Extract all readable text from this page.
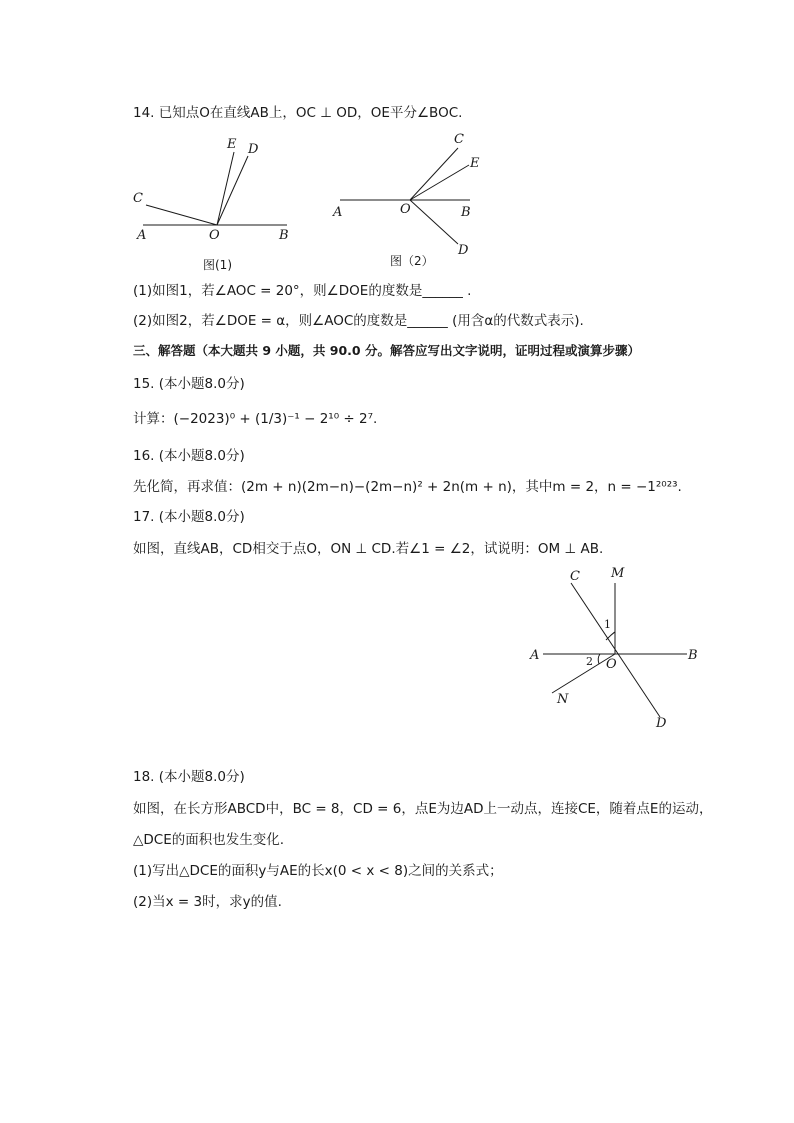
14. 已知点O在直线AB上，OC ⊥ OD，OE平分∠BOC.
E D
C
A	O	B
图(1)
C
E
A	O	B
D
图（2）
(1)如图1，若∠AOC = 20°，则∠DOE的度数是______ .
(2)如图2，若∠DOE = α，则∠AOC的度数是______ (用含α的代数式表示).
三、解答题（本大题共 9 小题，共 90.0 分。解答应写出文字说明，证明过程或演算步骤）
15. (本小题8.0分)
计算：(−2023)⁰ + (1/3)⁻¹ − 2¹⁰ ÷ 2⁷.
16. (本小题8.0分)
先化简，再求值：(2m + n)(2m−n)−(2m−n)² + 2n(m + n)，其中m = 2，n = −1²⁰²³.
17. (本小题8.0分)
如图，直线AB，CD相交于点O，ON ⊥ CD.若∠1 = ∠2，试说明：OM ⊥ AB.
C M
1
A	B
2 O
N
D
18. (本小题8.0分)
如图，在长方形ABCD中，BC = 8，CD = 6，点E为边AD上一动点，连接CE，随着点E的运动，
△DCE的面积也发生变化.
(1)写出△DCE的面积y与AE的长x(0 < x < 8)之间的关系式；
(2)当x = 3时，求y的值.
